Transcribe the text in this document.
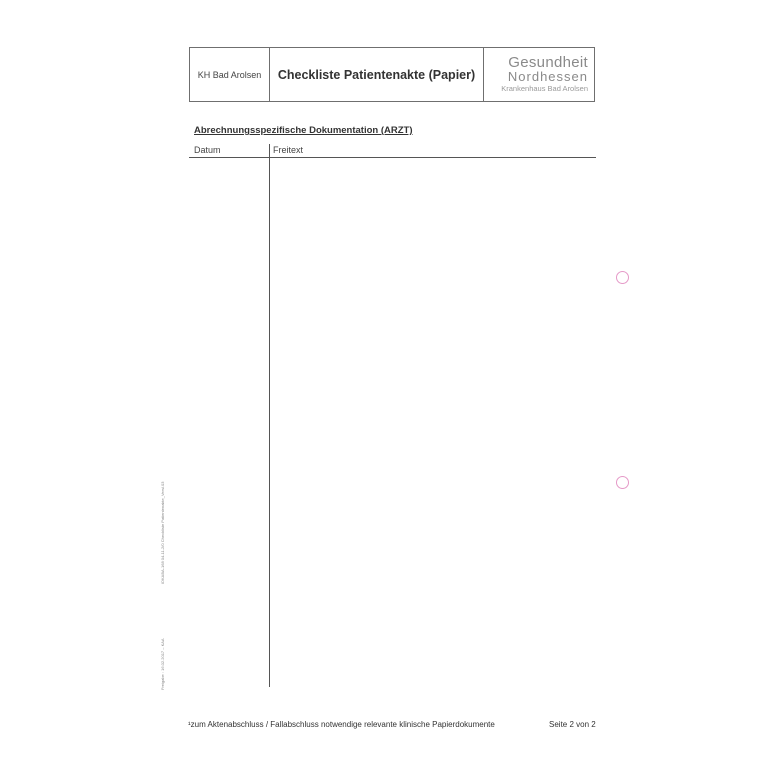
KH Bad Arolsen	Checkliste Patientenakte (Papier)
Gesundheit
Nordhessen
Krankenhaus Bad Arolsen
Abrechnungsspezifische Dokumentation (ARZT)
Datum	Freitext
IDKABA-168 04-11-2/0 Checkliste Patientenakte_Versl.03
Freigabe : 16.02.2017 – KAA
¹zum Aktenabschluss / Fallabschluss notwendige relevante klinische Papierdokumente	Seite 2 von 2
